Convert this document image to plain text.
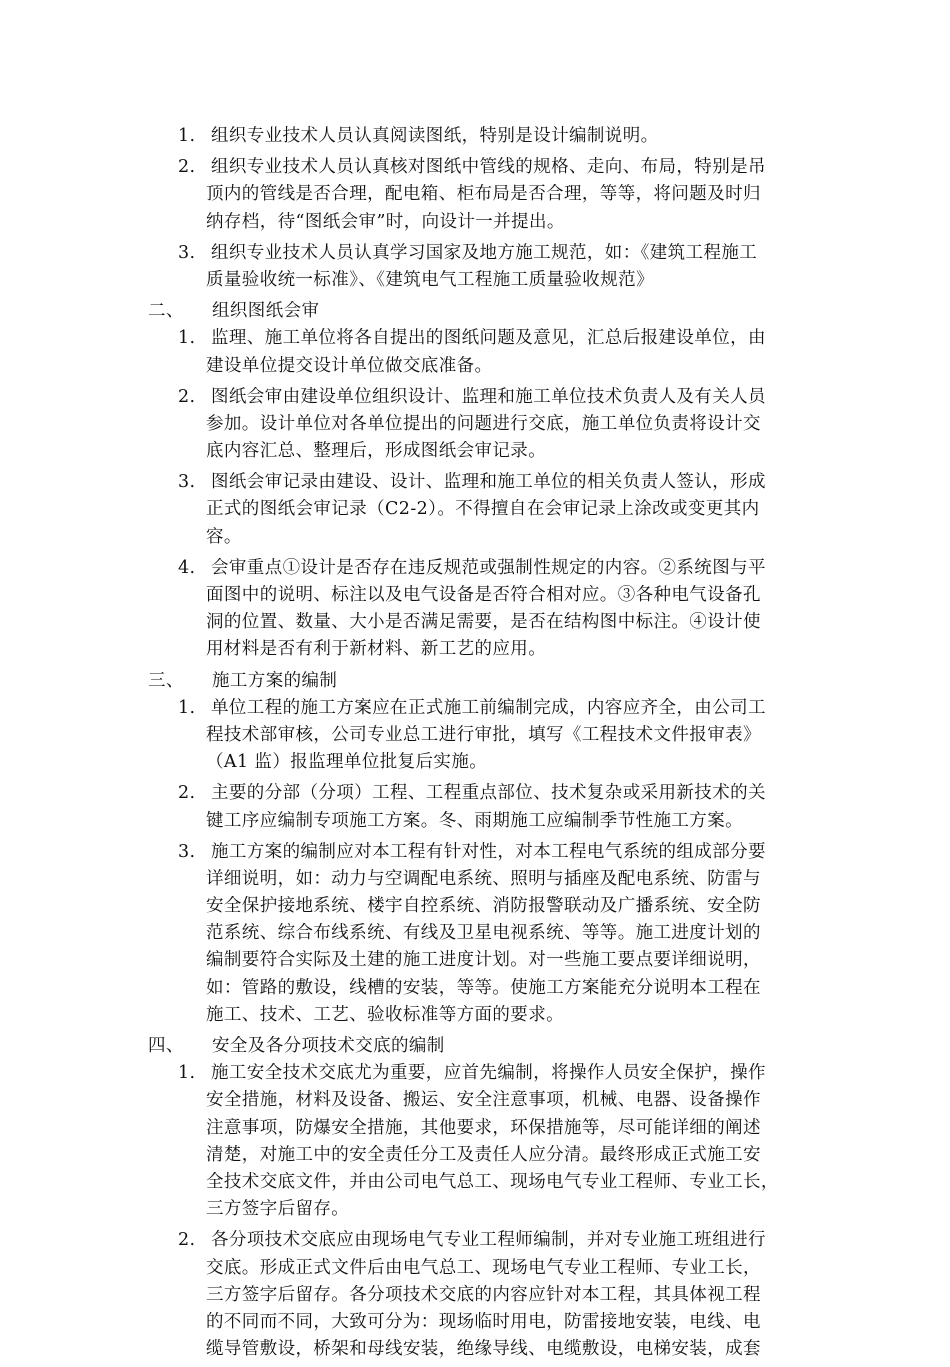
1. 组织专业技术人员认真阅读图纸，特别是设计编制说明。
2. 组织专业技术人员认真核对图纸中管线的规格、走向、布局，特别是吊
顶内的管线是否合理，配电箱、柜布局是否合理，等等，将问题及时归
纳存档，待“图纸会审”时，向设计一并提出。
3. 组织专业技术人员认真学习国家及地方施工规范，如：《建筑工程施工
质量验收统一标准》、《建筑电气工程施工质量验收规范》
二、 组织图纸会审
1. 监理、施工单位将各自提出的图纸问题及意见，汇总后报建设单位，由
建设单位提交设计单位做交底准备。
2. 图纸会审由建设单位组织设计、监理和施工单位技术负责人及有关人员
参加。设计单位对各单位提出的问题进行交底，施工单位负责将设计交
底内容汇总、整理后，形成图纸会审记录。
3. 图纸会审记录由建设、设计、监理和施工单位的相关负责人签认，形成
正式的图纸会审记录（C2-2）。不得擅自在会审记录上涂改或变更其内
容。
4. 会审重点①设计是否存在违反规范或强制性规定的内容。②系统图与平
面图中的说明、标注以及电气设备是否符合相对应。③各种电气设备孔
洞的位置、数量、大小是否满足需要，是否在结构图中标注。④设计使
用材料是否有利于新材料、新工艺的应用。
三、 施工方案的编制
1. 单位工程的施工方案应在正式施工前编制完成，内容应齐全，由公司工
程技术部审核，公司专业总工进行审批，填写《工程技术文件报审表》
（A1 监）报监理单位批复后实施。
2. 主要的分部（分项）工程、工程重点部位、技术复杂或采用新技术的关
键工序应编制专项施工方案。冬、雨期施工应编制季节性施工方案。
3. 施工方案的编制应对本工程有针对性，对本工程电气系统的组成部分要
详细说明，如：动力与空调配电系统、照明与插座及配电系统、防雷与
安全保护接地系统、楼宇自控系统、消防报警联动及广播系统、安全防
范系统、综合布线系统、有线及卫星电视系统、等等。施工进度计划的
编制要符合实际及土建的施工进度计划。对一些施工要点要详细说明，
如：管路的敷设，线槽的安装，等等。使施工方案能充分说明本工程在
施工、技术、工艺、验收标准等方面的要求。
四、 安全及各分项技术交底的编制
1. 施工安全技术交底尤为重要，应首先编制，将操作人员安全保护，操作
安全措施，材料及设备、搬运、安全注意事项，机械、电器、设备操作
注意事项，防爆安全措施，其他要求，环保措施等，尽可能详细的阐述
清楚，对施工中的安全责任分工及责任人应分清。最终形成正式施工安
全技术交底文件，并由公司电气总工、现场电气专业工程师、专业工长，
三方签字后留存。
2. 各分项技术交底应由现场电气专业工程师编制，并对专业施工班组进行
交底。形成正式文件后由电气总工、现场电气专业工程师、专业工长，
三方签字后留存。各分项技术交底的内容应针对本工程，其具体视工程
的不同而不同，大致可分为：现场临时用电，防雷接地安装，电线、电
缆导管敷设，桥架和母线安装，绝缘导线、电缆敷设，电梯安装，成套
